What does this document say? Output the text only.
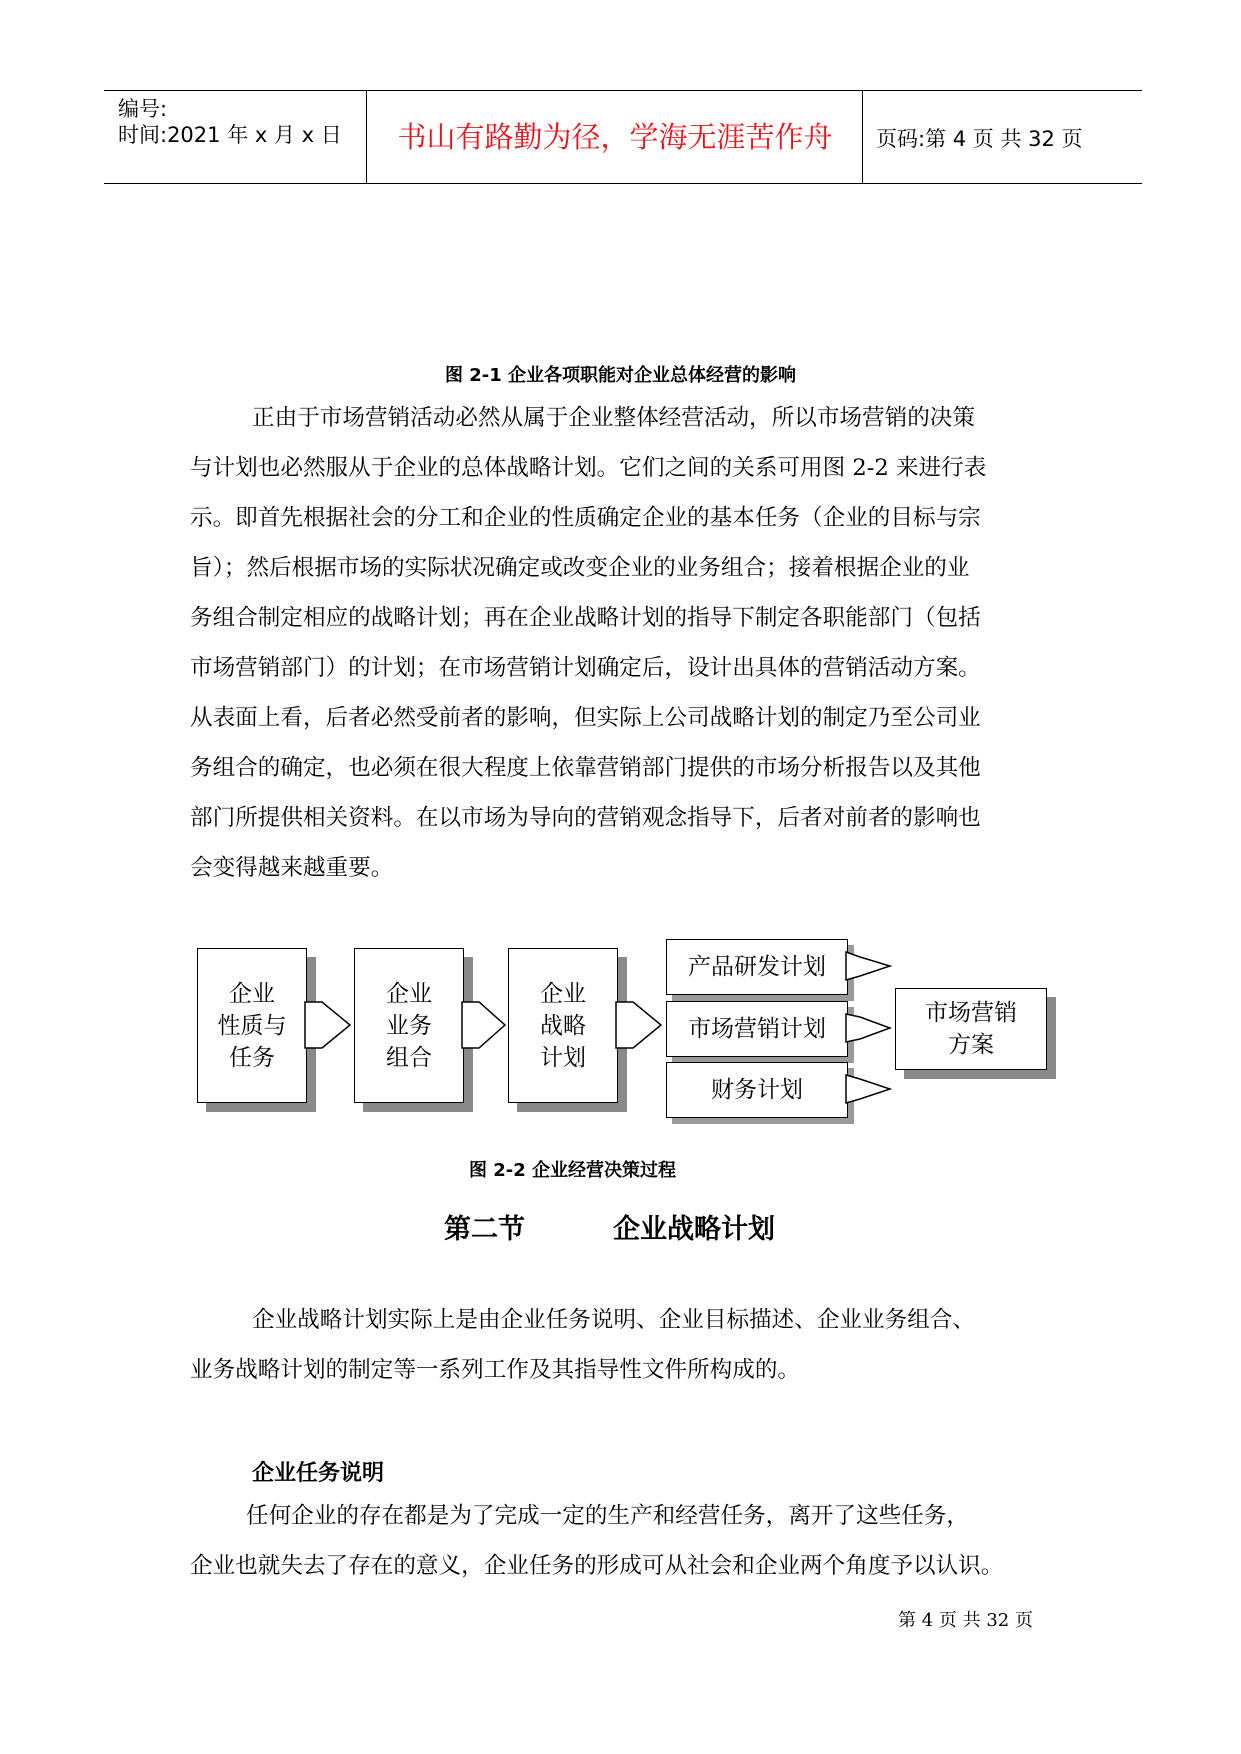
编号:
时间:2021 年 x 月 x 日	书山有路勤为径，学海无涯苦作舟	页码:第 4 页 共 32 页
图 2-1 企业各项职能对企业总体经营的影响
正由于市场营销活动必然从属于企业整体经营活动，所以市场营销的决策
与计划也必然服从于企业的总体战略计划。它们之间的关系可用图 2-2 来进行表
示。即首先根据社会的分工和企业的性质确定企业的基本任务（企业的目标与宗
旨）；然后根据市场的实际状况确定或改变企业的业务组合；接着根据企业的业
务组合制定相应的战略计划；再在企业战略计划的指导下制定各职能部门（包括
市场营销部门）的计划；在市场营销计划确定后，设计出具体的营销活动方案。
从表面上看，后者必然受前者的影响，但实际上公司战略计划的制定乃至公司业
务组合的确定，也必须在很大程度上依靠营销部门提供的市场分析报告以及其他
部门所提供相关资料。在以市场为导向的营销观念指导下，后者对前者的影响也
会变得越来越重要。
企业
性质与
任务
企业
业务
组合
企业
战略
计划
产品研发计划
市场营销计划
财务计划
市场营销
方案
图 2-2 企业经营决策过程
第二节	企业战略计划
企业战略计划实际上是由企业任务说明、企业目标描述、企业业务组合、
业务战略计划的制定等一系列工作及其指导性文件所构成的。
企业任务说明
任何企业的存在都是为了完成一定的生产和经营任务，离开了这些任务，
企业也就失去了存在的意义，企业任务的形成可从社会和企业两个角度予以认识。
第 4 页 共 32 页
